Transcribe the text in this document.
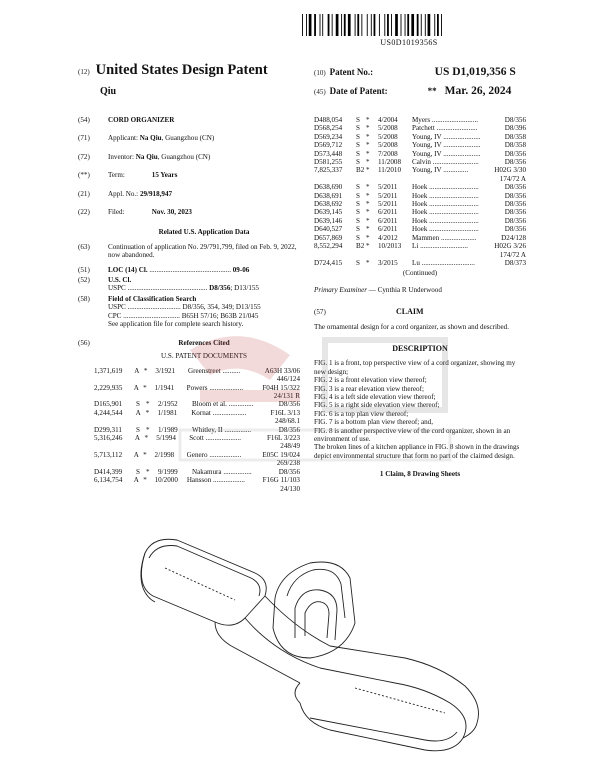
US0D1019356S
(12) United States Design Patent
Qiu
(10) Patent No.:	US D1,019,356 S
(45) Date of Patent:	** Mar. 26, 2024
(54)	CORD ORGANIZER
(71)	Applicant: Na Qiu, Guangzhou (CN)
(72)	Inventor: Na Qiu, Guangzhou (CN)
(**)	Term:	15 Years
(21)	Appl. No.: 29/918,947
(22)	Filed:	Nov. 30, 2023
Related U.S. Application Data
(63)	Continuation of application No. 29/791,799, filed on Feb. 9, 2022, now abandoned.
(51)	LOC (14) Cl. .............................................. 09-06
(52)	U.S. Cl.
USPC ............................................. D8/356; D13/155
(58)	Field of Classification Search
USPC .............................. D8/356, 354, 349; D13/155
CPC ................................ B65H 57/16; B63B 21/045
See application file for complete search history.
(56)	References Cited
U.S. PATENT DOCUMENTS
1,371,619	A *	3/1921	Greenstreet ..........	A63H 33/06
446/124
2,229,935	A *	1/1941	Powers ...................	F04H 15/322
24/131 R
D165,901	S *	2/1952	Bloom et al. ..............	D8/356
4,244,544	A *	1/1981	Kornat ...................	F16L 3/13
248/68.1
D299,311	S *	1/1989	Whitley, II ...............	D8/356
5,316,246	A *	5/1994	Scott ....................	F16L 3/223
248/49
5,713,112	A *	2/1998	Genero ..................	E05C 19/024
269/238
D414,399	S *	9/1999	Nakamura ................	D8/356
6,134,754	A *	10/2000	Hansson ..................	F16G 11/103
24/130
D488,054	S *	4/2004	Myers ..........................	D8/356
D568,254	S *	5/2008	Patchett .......................	D8/396
D569,234	S *	5/2008	Young, IV .....................	D8/358
D569,712	S *	5/2008	Young, IV .....................	D8/358
D573,448	S *	7/2008	Young, IV .....................	D8/356
D581,255	S *	11/2008	Calvin ..........................	D8/356
7,825,337	B2 *	11/2010	Young, IV ..............	H02G 3/30
174/72 A
D638,690	S *	5/2011	Hoek ............................	D8/356
D638,691	S *	5/2011	Hoek ............................	D8/356
D638,692	S *	5/2011	Hoek ............................	D8/356
D639,145	S *	6/2011	Hoek ............................	D8/356
D639,146	S *	6/2011	Hoek ............................	D8/356
D640,527	S *	6/2011	Hoek ............................	D8/356
D657,869	S *	4/2012	Mammen ....................	D24/128
8,552,294	B2 *	10/2013	Li ...........................	H02G 3/26
174/72 A
D724,415	S *	3/2015	Lu ..............................	D8/373
(Continued)
Primary Examiner — Cynthia R Underwood
(57)	CLAIM
The ornamental design for a cord organizer, as shown and described.
DESCRIPTION
FIG. 1 is a front, top perspective view of a cord organizer, showing my new design;
FIG. 2 is a front elevation view thereof;
FIG. 3 is a rear elevation view thereof;
FIG. 4 is a left side elevation view thereof;
FIG. 5 is a right side elevation view thereof;
FIG. 6 is a top plan view thereof;
FIG. 7 is a bottom plan view thereof; and,
FIG. 8 is another perspective view of the cord organizer, shown in an environment of use.
The broken lines of a kitchen appliance in FIG. 8 shown in the drawings depict environmental structure that form no part of the claimed design.
1 Claim, 8 Drawing Sheets
